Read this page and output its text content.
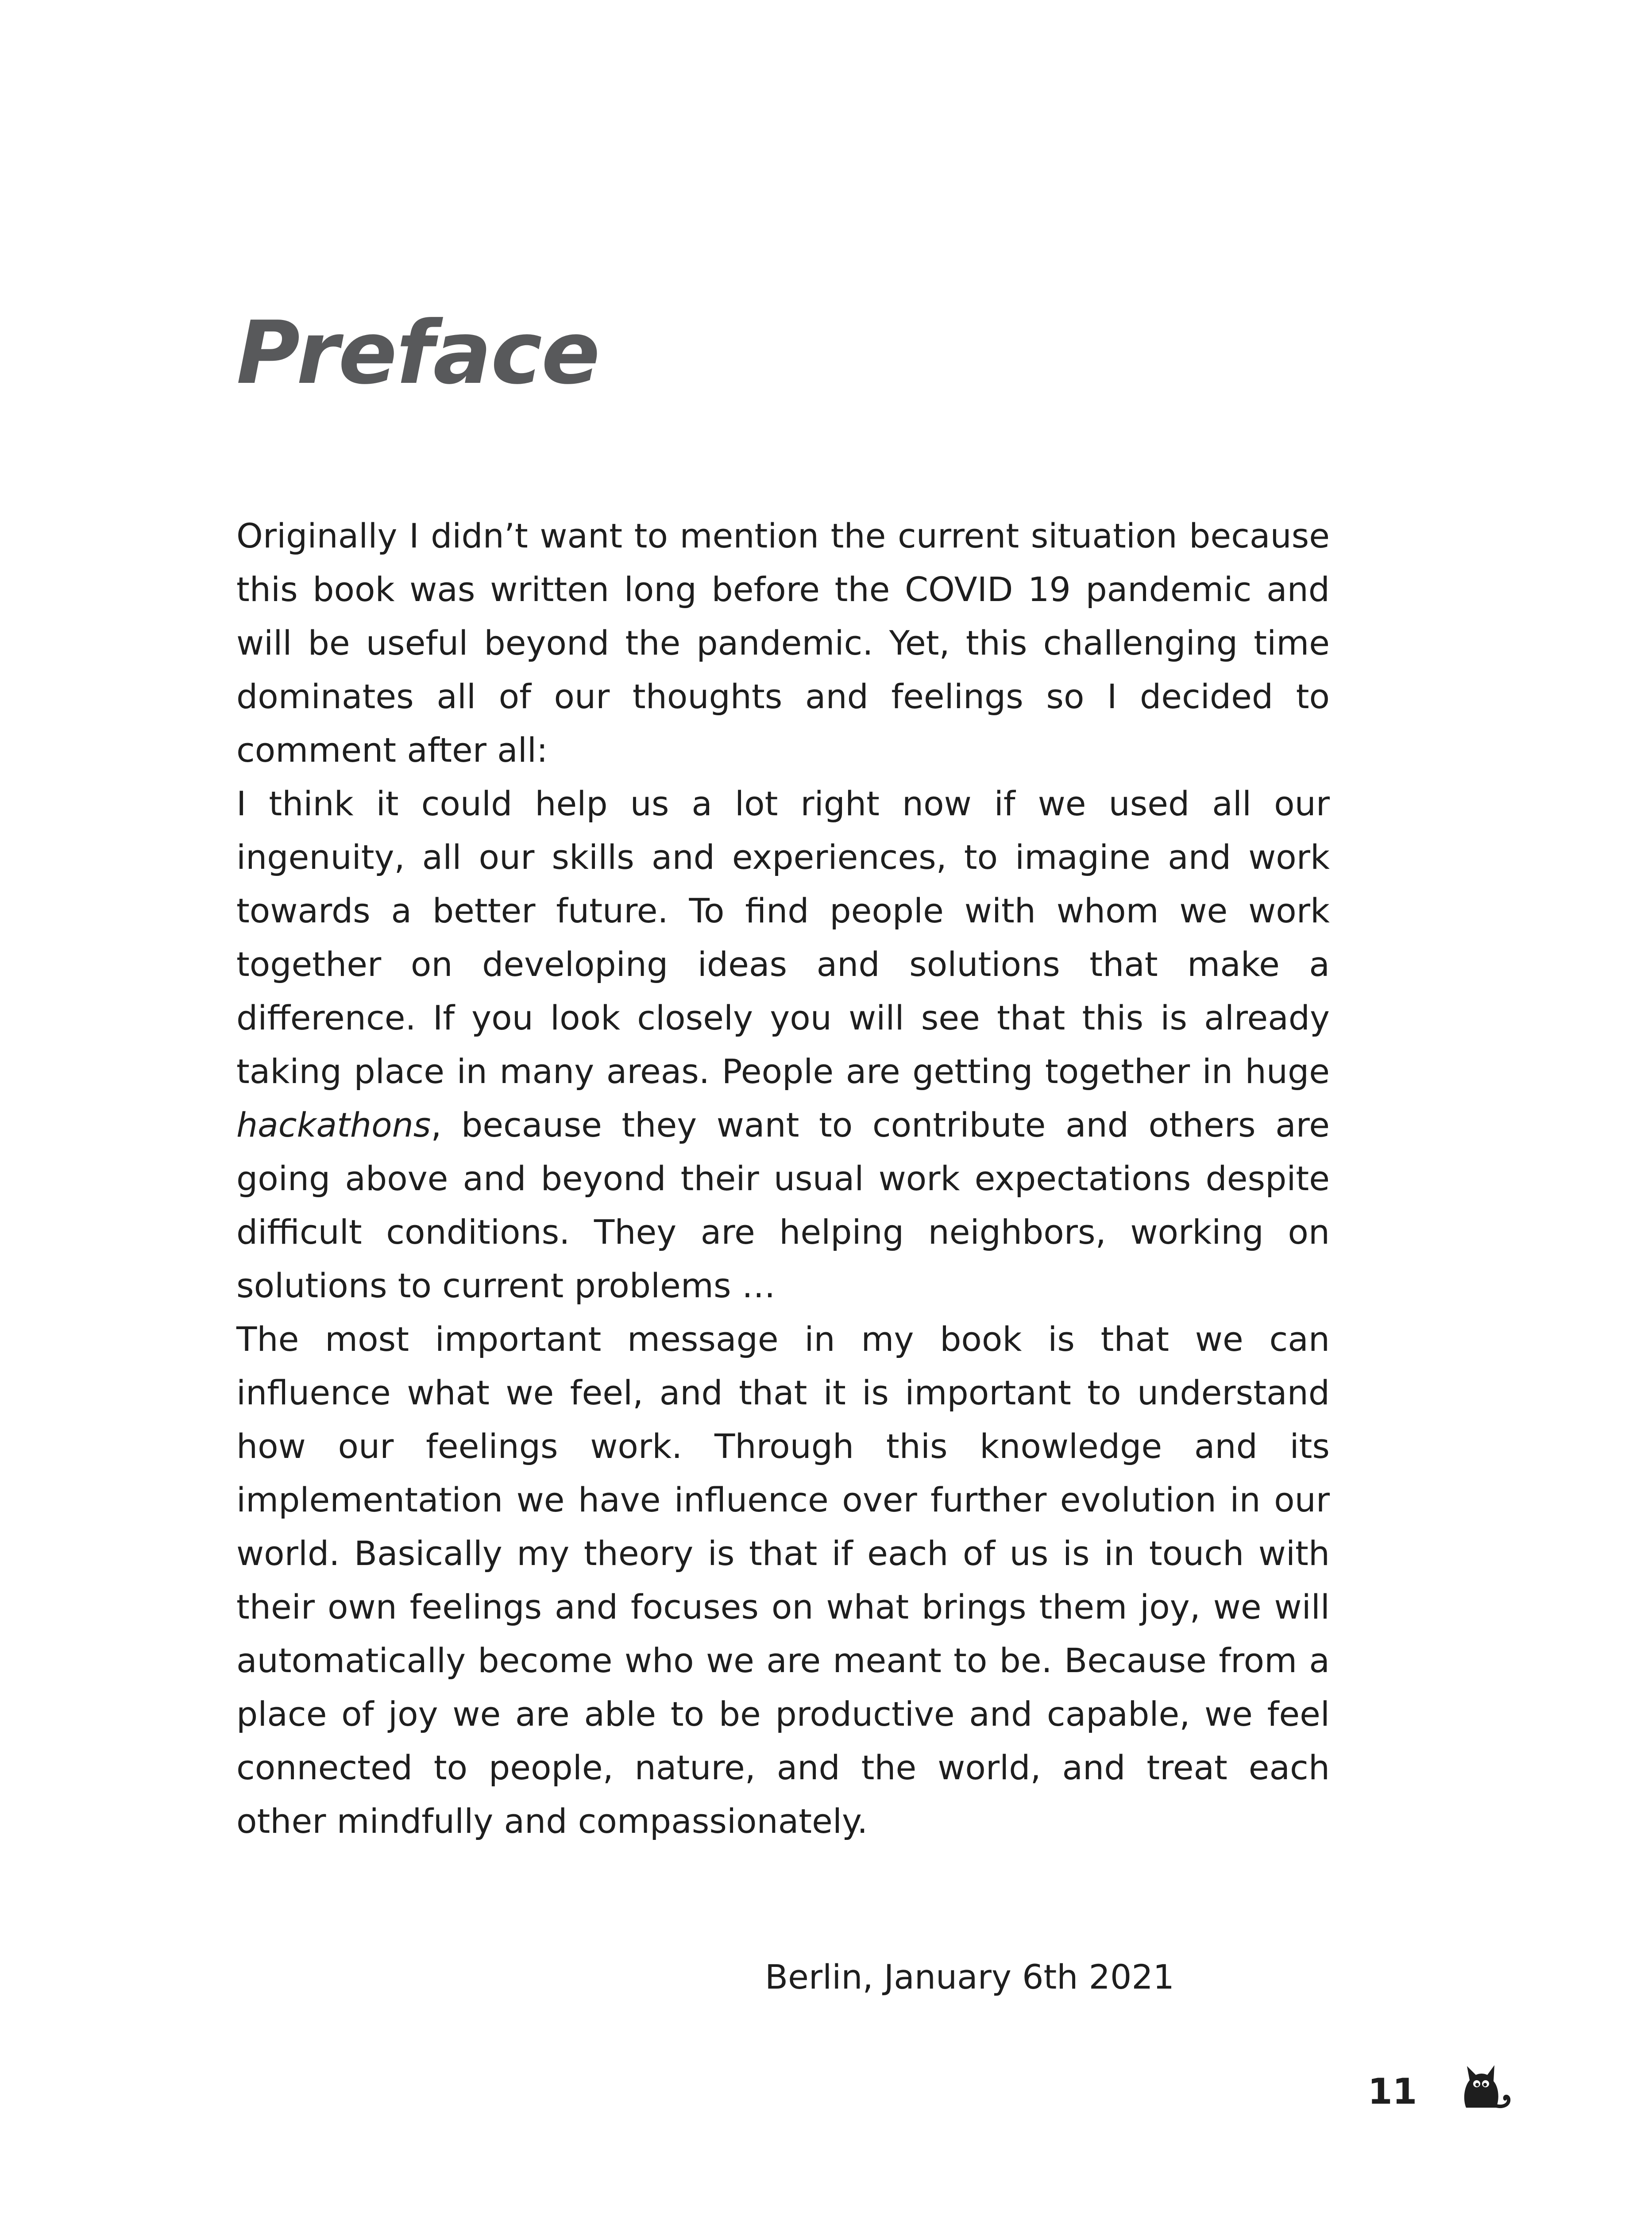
Preface

Originally I didn’t want to mention the current situation because this book was written long before the COVID 19 pandemic and will be useful beyond the pandemic. Yet, this challenging time dominates all of our thoughts and feelings so I decided to comment after all:

I think it could help us a lot right now if we used all our ingenuity, all our skills and experiences, to imagine and work towards a better future. To find people with whom we work together on developing ideas and solutions that make a difference. If you look closely you will see that this is already taking place in many areas. People are getting together in huge hackathons, because they want to contribute and others are going above and beyond their usual work expectations despite difficult conditions. They are helping neighbors, working on solutions to current problems …

The most important message in my book is that we can influence what we feel, and that it is important to understand how our feelings work. Through this knowledge and its implementation we have influence over further evolution in our world. Basically my theory is that if each of us is in touch with their own feelings and focuses on what brings them joy, we will automatically become who we are meant to be. Because from a place of joy we are able to be productive and capable, we feel connected to people, nature, and the world, and treat each other mindfully and compassionately.

Berlin, January 6th 2021

11
